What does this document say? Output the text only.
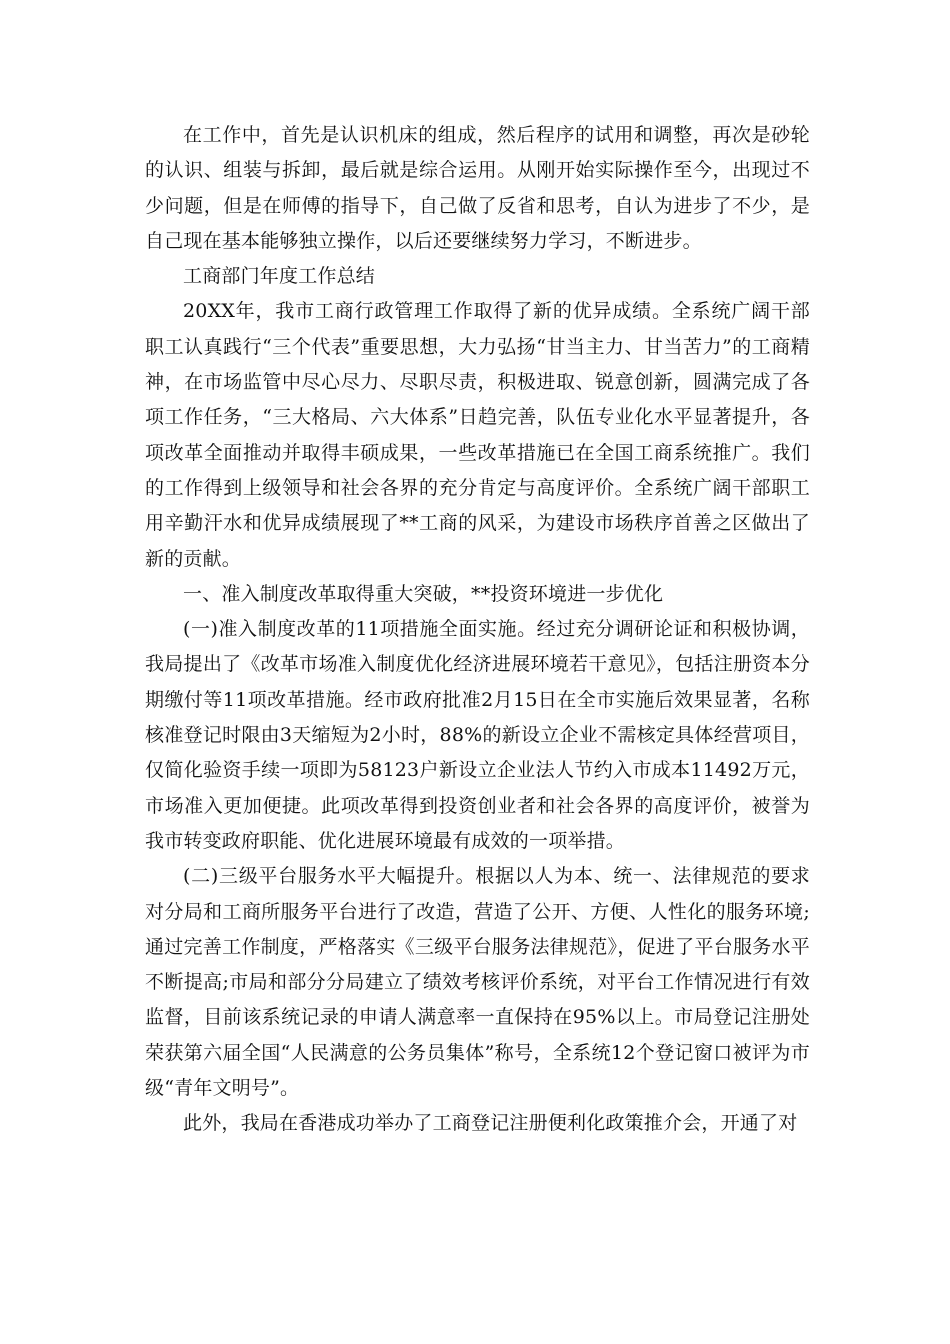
在工作中，首先是认识机床的组成，然后程序的试用和调整，再次是砂轮的认识、组装与拆卸，最后就是综合运用。从刚开始实际操作至今，出现过不少问题，但是在师傅的指导下，自己做了反省和思考，自认为进步了不少，是自己现在基本能够独立操作，以后还要继续努力学习，不断进步。

工商部门年度工作总结

20XX年，我市工商行政管理工作取得了新的优异成绩。全系统广阔干部职工认真践行“三个代表”重要思想，大力弘扬“甘当主力、甘当苦力”的工商精神，在市场监管中尽心尽力、尽职尽责，积极进取、锐意创新，圆满完成了各项工作任务，“三大格局、六大体系”日趋完善，队伍专业化水平显著提升，各项改革全面推动并取得丰硕成果，一些改革措施已在全国工商系统推广。我们的工作得到上级领导和社会各界的充分肯定与高度评价。全系统广阔干部职工用辛勤汗水和优异成绩展现了**工商的风采，为建设市场秩序首善之区做出了新的贡献。

一、准入制度改革取得重大突破，**投资环境进一步优化

(一)准入制度改革的11项措施全面实施。经过充分调研论证和积极协调，我局提出了《改革市场准入制度优化经济进展环境若干意见》，包括注册资本分期缴付等11项改革措施。经市政府批准2月15日在全市实施后效果显著，名称核准登记时限由3天缩短为2小时，88%的新设立企业不需核定具体经营项目，仅简化验资手续一项即为58123户新设立企业法人节约入市成本11492万元，市场准入更加便捷。此项改革得到投资创业者和社会各界的高度评价，被誉为我市转变政府职能、优化进展环境最有成效的一项举措。

(二)三级平台服务水平大幅提升。根据以人为本、统一、法律规范的要求对分局和工商所服务平台进行了改造，营造了公开、方便、人性化的服务环境;通过完善工作制度，严格落实《三级平台服务法律规范》，促进了平台服务水平不断提高;市局和部分分局建立了绩效考核评价系统，对平台工作情况进行有效监督，目前该系统记录的申请人满意率一直保持在95%以上。市局登记注册处荣获第六届全国“人民满意的公务员集体”称号，全系统12个登记窗口被评为市级“青年文明号”。

此外，我局在香港成功举办了工商登记注册便利化政策推介会，开通了对
